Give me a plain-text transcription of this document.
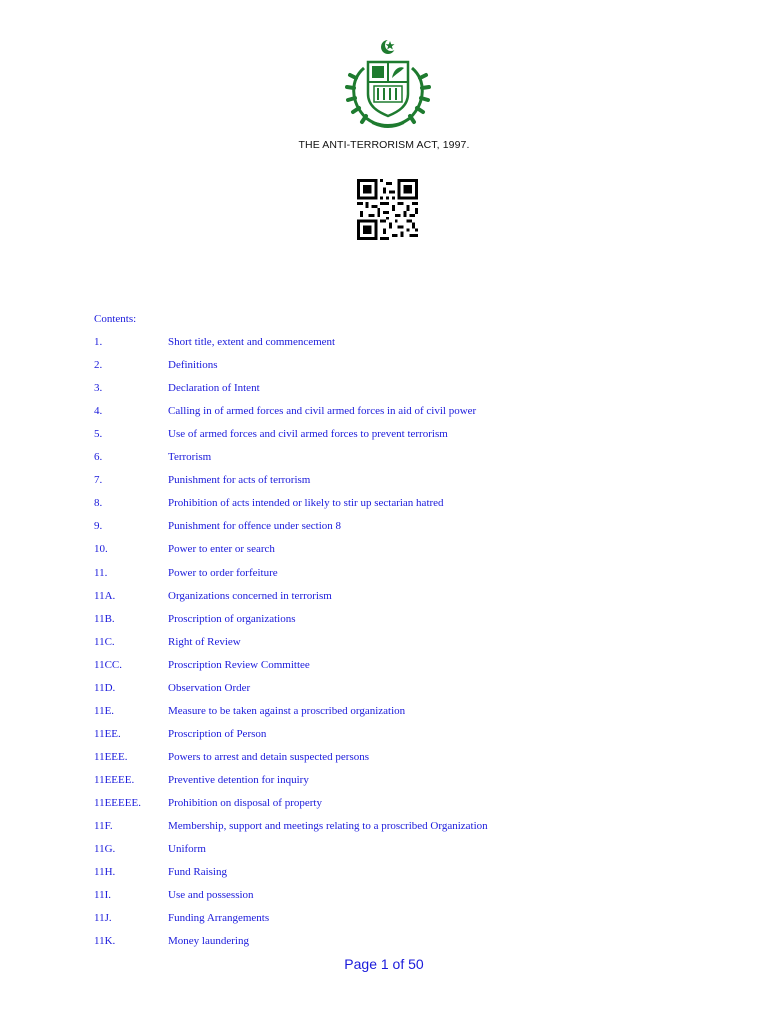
THE ANTI-TERRORISM ACT, 1997.
Contents:
1.	Short title, extent and commencement
2.	Definitions
3.	Declaration of Intent
4.	Calling in of armed forces and civil armed forces in aid of civil power
5.	Use of armed forces and civil armed forces to prevent terrorism
6.	Terrorism
7.	Punishment for acts of terrorism
8.	Prohibition of acts intended or likely to stir up sectarian hatred
9.	Punishment for offence under section 8
10.	Power to enter or search
11.	Power to order forfeiture
11A.	Organizations concerned in terrorism
11B.	Proscription of organizations
11C.	Right of Review
11CC.	Proscription Review Committee
11D.	Observation Order
11E.	Measure to be taken against a proscribed organization
11EE.	Proscription of Person
11EEE.	Powers to arrest and detain suspected persons
11EEEE.	Preventive detention for inquiry
11EEEEE. Prohibition on disposal of property
11F.	Membership, support and meetings relating to a proscribed Organization
11G.	Uniform
11H.	Fund Raising
11I.	Use and possession
11J.	Funding Arrangements
11K.	Money laundering
Page 1 of 50
